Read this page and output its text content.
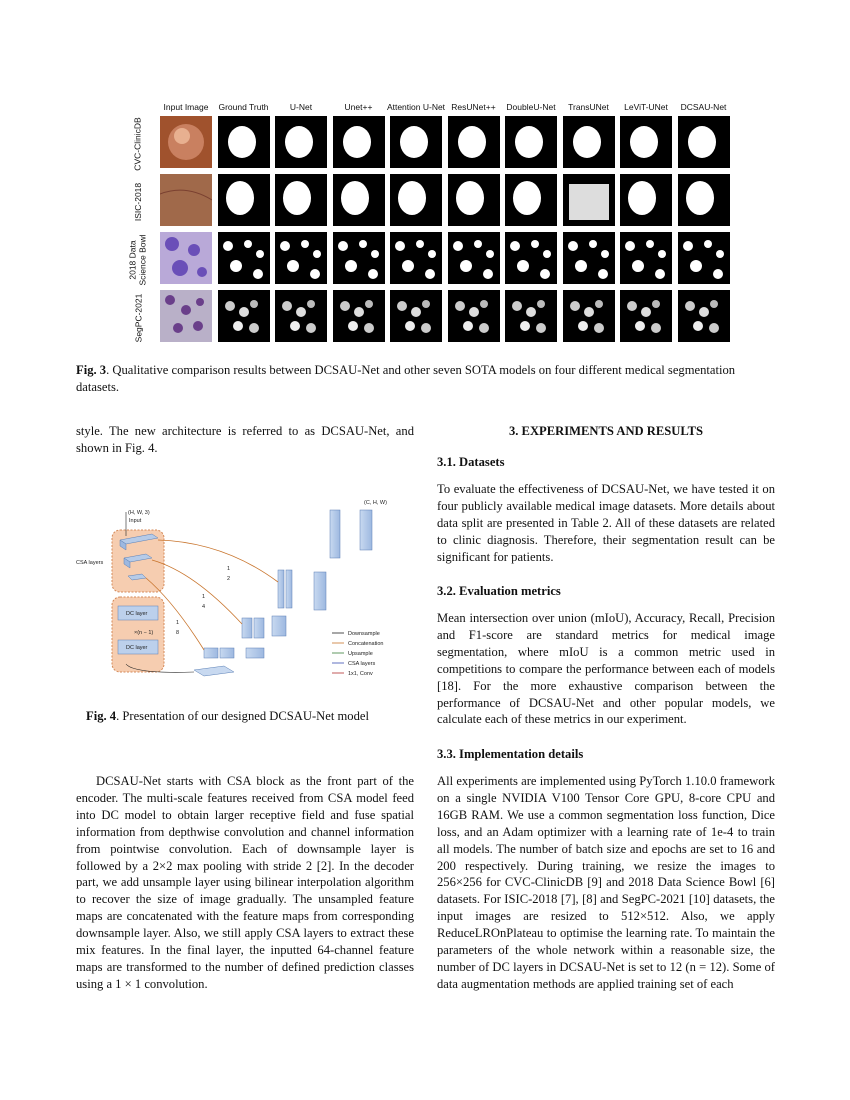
Input Image	Ground Truth	U-Net	Unet++	Attention U-Net ResUNet++	DoubleU-Net	TransUNet	LeViT-UNet	DCSAU-Net
CVC-ClinicDB
ISIC-2018
2018 Data
Science Bowl
SegPC-2021
Fig. 3. Qualitative comparison results between DCSAU-Net and other seven SOTA models on four different medical segmentation datasets.
style. The new architecture is referred to as DCSAU-Net, and shown in Fig. 4.
(H, W, 3)
Input
CSA layers
DC layer
×(n − 1)
DC layer
(C, H, W)
1
2
1
4
1
8	Downsample
Concatenation
Upsample
CSA layers
1x1, Conv
Fig. 4. Presentation of our designed DCSAU-Net model
DCSAU-Net starts with CSA block as the front part of the encoder. The multi-scale features received from CSA model feed into DC model to obtain larger receptive field and fuse spatial information from depthwise convolution and channel information from pointwise convolution. Each of downsample layer is followed by a 2×2 max pooling with stride 2 [2]. In the decoder part, we add unsample layer using bilinear interpolation algorithm to recover the size of image gradually. The unsampled feature maps are concatenated with the feature maps from corresponding downsample layer. Also, we still apply CSA layers to extract these mix features. In the final layer, the inputted 64-channel feature maps are transformed to the number of defined prediction classes using a 1 × 1 convolution.
3. EXPERIMENTS AND RESULTS
3.1. Datasets
To evaluate the effectiveness of DCSAU-Net, we have tested it on four publicly available medical image datasets. More details about data split are presented in Table 2. All of these datasets are related to clinic diagnosis. Therefore, their segmentation result can be significant for patients.
3.2. Evaluation metrics
Mean intersection over union (mIoU), Accuracy, Recall, Precision and F1-score are standard metrics for medical image segmentation, where mIoU is a common metric used in competitions to compare the performance between each of models [18]. For the more exhaustive comparison between the performance of DCSAU-Net and other popular models, we calculate each of these metrics in our experiment.
3.3. Implementation details
All experiments are implemented using PyTorch 1.10.0 framework on a single NVIDIA V100 Tensor Core GPU, 8-core CPU and 16GB RAM. We use a common segmentation loss function, Dice loss, and an Adam optimizer with a learning rate of 1e-4 to train all models. The number of batch size and epochs are set to 16 and 200 respectively. During training, we resize the images to 256×256 for CVC-ClinicDB [9] and 2018 Data Science Bowl [6] datasets. For ISIC-2018 [7], [8] and SegPC-2021 [10] datasets, the input images are resized to 512×512. Also, we apply ReduceLROnPlateau to optimise the learning rate. To maintain the parameters of the whole network within a reasonable size, the number of DC layers in DCSAU-Net is set to 12 (n = 12). Some of data augmentation methods are applied training set of each
